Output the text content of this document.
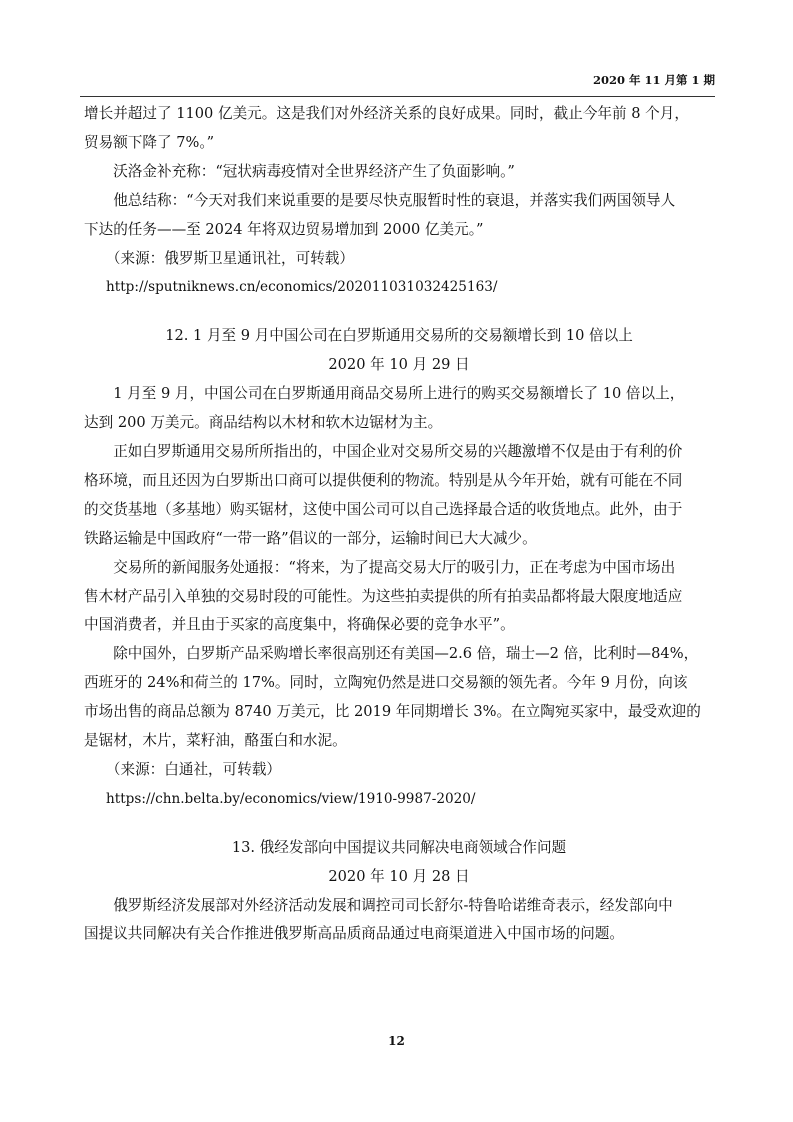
2020 年 11 月第 1 期

增长并超过了 1100 亿美元。这是我们对外经济关系的良好成果。同时，截止今年前 8 个月，

贸易额下降了 7%。”

沃洛金补充称：“冠状病毒疫情对全世界经济产生了负面影响。”

他总结称：“今天对我们来说重要的是要尽快克服暂时性的衰退，并落实我们两国领导人

下达的任务——至 2024 年将双边贸易增加到 2000 亿美元。”

（来源：俄罗斯卫星通讯社，可转载）

http://sputniknews.cn/economics/202011031032425163/

12. 1 月至 9 月中国公司在白罗斯通用交易所的交易额增长到 10 倍以上

2020 年 10 月 29 日

1 月至 9 月，中国公司在白罗斯通用商品交易所上进行的购买交易额增长了 10 倍以上，

达到 200 万美元。商品结构以木材和软木边锯材为主。

正如白罗斯通用交易所所指出的，中国企业对交易所交易的兴趣激增不仅是由于有利的价

格环境，而且还因为白罗斯出口商可以提供便利的物流。特别是从今年开始，就有可能在不同

的交货基地（多基地）购买锯材，这使中国公司可以自己选择最合适的收货地点。此外，由于

铁路运输是中国政府“一带一路”倡议的一部分，运输时间已大大减少。

交易所的新闻服务处通报：“将来，为了提高交易大厅的吸引力，正在考虑为中国市场出

售木材产品引入单独的交易时段的可能性。为这些拍卖提供的所有拍卖品都将最大限度地适应

中国消费者，并且由于买家的高度集中，将确保必要的竞争水平”。

除中国外，白罗斯产品采购增长率很高别还有美国—2.6 倍，瑞士—2 倍，比利时—84%，

西班牙的 24%和荷兰的 17%。同时，立陶宛仍然是进口交易额的领先者。今年 9 月份，向该

市场出售的商品总额为 8740 万美元，比 2019 年同期增长 3%。在立陶宛买家中，最受欢迎的

是锯材，木片，菜籽油，酪蛋白和水泥。

（来源：白通社，可转载）

https://chn.belta.by/economics/view/1910-9987-2020/

13. 俄经发部向中国提议共同解决电商领域合作问题

2020 年 10 月 28 日

俄罗斯经济发展部对外经济活动发展和调控司司长舒尔-特鲁哈诺维奇表示，经发部向中

国提议共同解决有关合作推进俄罗斯高品质商品通过电商渠道进入中国市场的问题。

12
